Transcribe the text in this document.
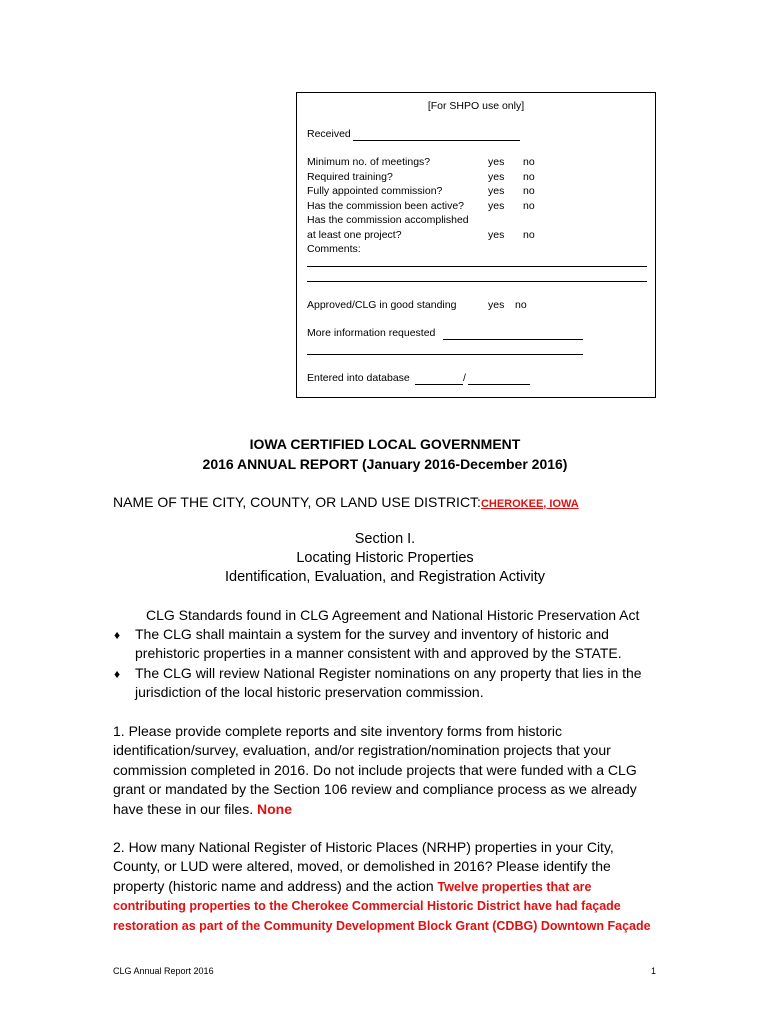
[For SHPO use only]
Received
Minimum no. of meetings?	yes no
Required training?	yes no
Fully appointed commission?	yes no
Has the commission been active? yes no
Has the commission accomplished
at least one project?	yes no
Comments:
Approved/CLG in good standing	yes no
More information requested
Entered into database	/
IOWA CERTIFIED LOCAL GOVERNMENT
2016 ANNUAL REPORT (January 2016-December 2016)
NAME OF THE CITY, COUNTY, OR LAND USE DISTRICT:CHEROKEE, IOWA
Section I.
Locating Historic Properties
Identification, Evaluation, and Registration Activity
CLG Standards found in CLG Agreement and National Historic Preservation Act
♦ The CLG shall maintain a system for the survey and inventory of historic and
prehistoric properties in a manner consistent with and approved by the STATE.
♦ The CLG will review National Register nominations on any property that lies in the
jurisdiction of the local historic preservation commission.
1. Please provide complete reports and site inventory forms from historic
identification/survey, evaluation, and/or registration/nomination projects that your
commission completed in 2016. Do not include projects that were funded with a CLG
grant or mandated by the Section 106 review and compliance process as we already
have these in our files. None
2. How many National Register of Historic Places (NRHP) properties in your City,
County, or LUD were altered, moved, or demolished in 2016? Please identify the
property (historic name and address) and the action Twelve properties that are
contributing properties to the Cherokee Commercial Historic District have had façade
restoration as part of the Community Development Block Grant (CDBG) Downtown Façade
CLG Annual Report 2016	1
